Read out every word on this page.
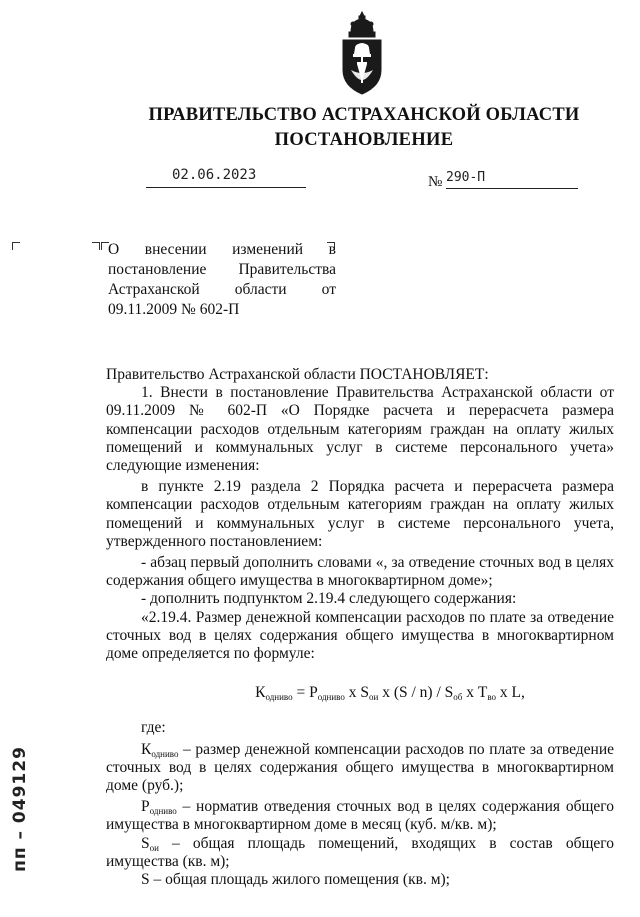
ПРАВИТЕЛЬСТВО АСТРАХАНСКОЙ ОБЛАСТИ
ПОСТАНОВЛЕНИЕ
02.06.2023	№ 290-П
О внесении изменений в постановление Правительства Астраханской области от 09.11.2009 № 602-П

Правительство Астраханской области ПОСТАНОВЛЯЕТ:

1. Внести в постановление Правительства Астраханской области от 09.11.2009 № 602-П «О Порядке расчета и перерасчета размера компенсации расходов отдельным категориям граждан на оплату жилых помещений и коммунальных услуг в системе персонального учета» следующие изменения:

в пункте 2.19 раздела 2 Порядка расчета и перерасчета размера компенсации расходов отдельным категориям граждан на оплату жилых помещений и коммунальных услуг в системе персонального учета, утвержденного постановлением:

- абзац первый дополнить словами «, за отведение сточных вод в целях содержания общего имущества в многоквартирном доме»;

- дополнить подпунктом 2.19.4 следующего содержания:

«2.19.4. Размер денежной компенсации расходов по плате за отведение сточных вод в целях содержания общего имущества в многоквартирном доме определяется по формуле:

$К_{одниво} = Р_{одниво}$ х $S_{ои}$ х $(S / n) / S_{об}$ х $Т_{во}$ х L,

где:

$К_{одниво}$ – размер денежной компенсации расходов по плате за отведение сточных вод в целях содержания общего имущества в многоквартирном доме (руб.);

$Р_{одниво}$ – норматив отведения сточных вод в целях содержания общего имущества в многоквартирном доме в месяц (куб. м/кв. м);

$S_{ои}$ – общая площадь помещений, входящих в состав общего имущества (кв. м);

S – общая площадь жилого помещения (кв. м);

пп – 049129
